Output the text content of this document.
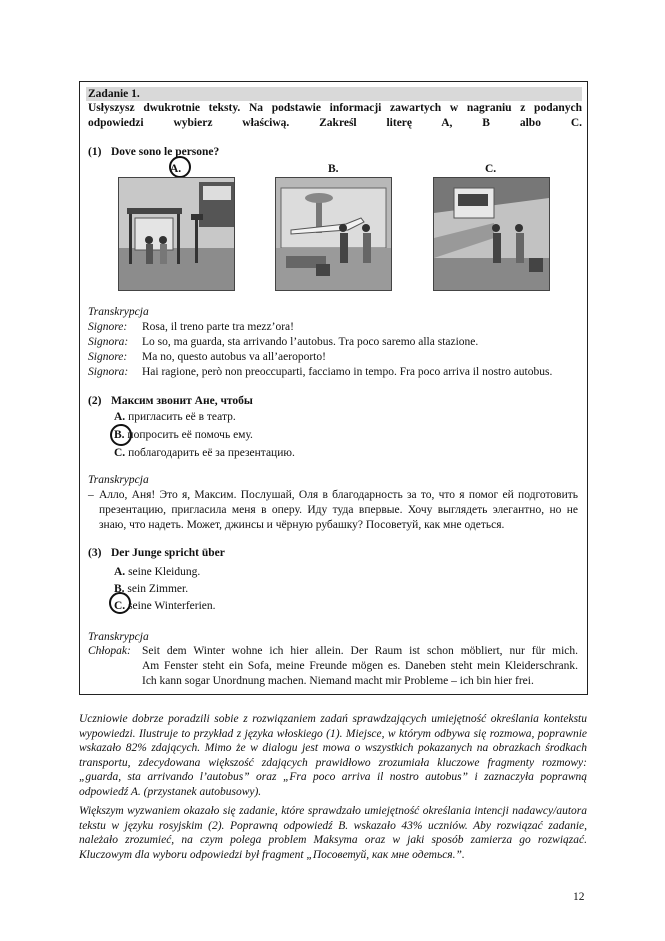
Zadanie 1.
Usłyszysz dwukrotnie teksty. Na podstawie informacji zawartych w nagraniu z podanych odpowiedzi wybierz właściwą. Zakreśl literę A, B albo C.
(1) Dove sono le persone?
A.	B.	C.
Transkrypcja
Signore: Rosa, il treno parte tra mezz’ora!
Signora: Lo so, ma guarda, sta arrivando l’autobus. Tra poco saremo alla stazione.
Signore: Ma no, questo autobus va all’aeroporto!
Signora: Hai ragione, però non preoccuparti, facciamo in tempo. Fra poco arriva il nostro autobus.
(2) Максим звонит Ане, чтобы
A. пригласить её в театр.
B. попросить её помочь ему.
C. поблагодарить её за презентацию.
Transkrypcja
– Алло, Аня! Это я, Максим. Послушай, Оля в благодарность за то, что я помог ей подготовить
презентацию, пригласила меня в оперу. Иду туда впервые. Хочу выглядеть элегантно, но не
знаю, что надеть. Может, джинсы и чёрную рубашку? Посоветуй, как мне одеться.
(3) Der Junge spricht über
A. seine Kleidung.
B. sein Zimmer.
C. seine Winterferien.
Transkrypcja
Chłopak: Seit dem Winter wohne ich hier allein. Der Raum ist schon möbliert, nur für mich.
Am Fenster steht ein Sofa, meine Freunde mögen es. Daneben steht mein Kleiderschrank.
Ich kann sogar Unordnung machen. Niemand macht mir Probleme – ich bin hier frei.

Uczniowie dobrze poradzili sobie z rozwiązaniem zadań sprawdzających umiejętność określania kontekstu wypowiedzi. Ilustruje to przykład z języka włoskiego (1). Miejsce, w którym odbywa się rozmowa, poprawnie wskazało 82% zdających. Mimo że w dialogu jest mowa o wszystkich pokazanych na obrazkach środkach transportu, zdecydowana większość zdających prawidłowo zrozumiała kluczowe fragmenty rozmowy: „guarda, sta arrivando l’autobus” oraz „Fra poco arriva il nostro autobus” i zaznaczyła poprawną odpowiedź A. (przystanek autobusowy).

Większym wyzwaniem okazało się zadanie, które sprawdzało umiejętność określania intencji nadawcy/autora tekstu w języku rosyjskim (2). Poprawną odpowiedź B. wskazało 43% uczniów. Aby rozwiązać zadanie, należało zrozumieć, na czym polega problem Maksyma oraz w jaki sposób zamierza go rozwiązać. Kluczowym dla wyboru odpowiedzi był fragment „Посоветуй, как мне одеться.”.

12
